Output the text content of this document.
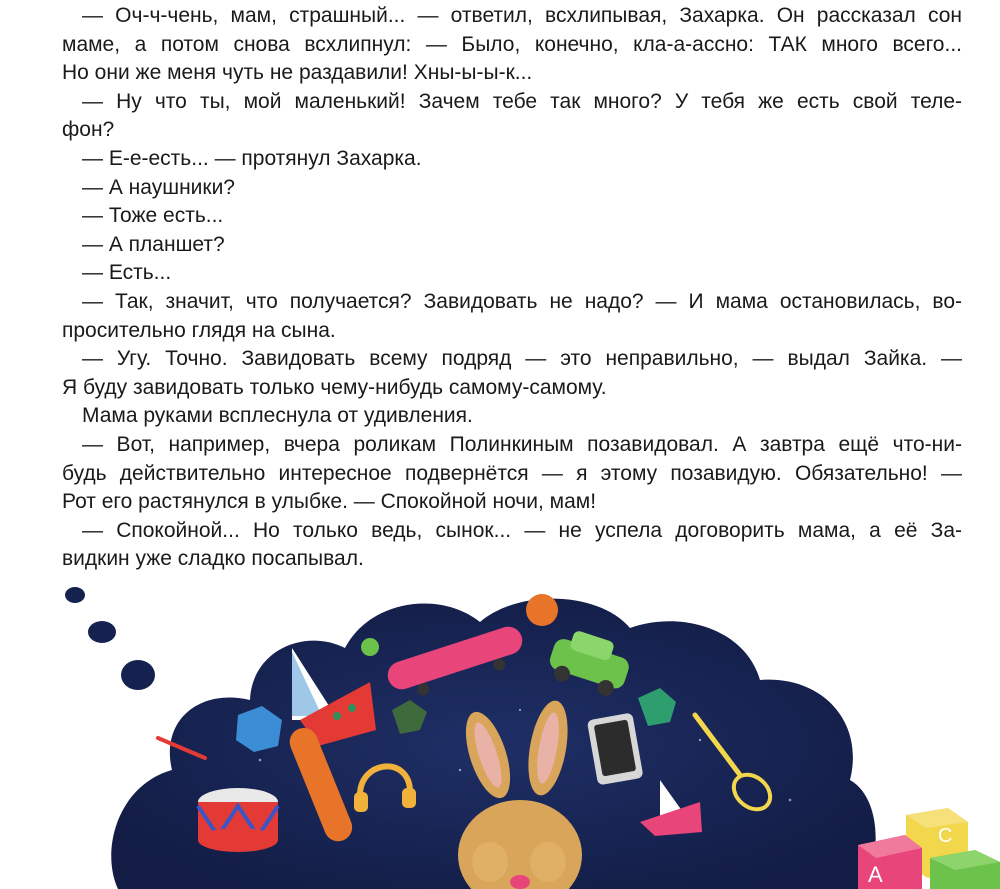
— Оч-ч-чень, мам, страшный... — ответил, всхлипывая, Захарка. Он рассказал сон
маме, а потом снова всхлипнул: — Было, конечно, кла-а-ассно: ТАК много всего...
Но они же меня чуть не раздавили! Хны-ы-ы-к...
— Ну что ты, мой маленький! Зачем тебе так много? У тебя же есть свой теле-
фон?
— Е-е-есть... — протянул Захарка.
— А наушники?
— Тоже есть...
— А планшет?
— Есть...
— Так, значит, что получается? Завидовать не надо? — И мама остановилась, во-
просительно глядя на сына.
— Угу. Точно. Завидовать всему подряд — это неправильно, — выдал Зайка. —
Я буду завидовать только чему-нибудь самому-самому.
Мама руками всплеснула от удивления.
— Вот, например, вчера роликам Полинкиным позавидовал. А завтра ещё что-ни-
будь действительно интересное подвернётся — я этому позавидую. Обязательно! —
Рот его растянулся в улыбке. — Спокойной ночи, мам!
— Спокойной... Но только ведь, сынок... — не успела договорить мама, а её За-
видкин уже сладко посапывал.
А
С
